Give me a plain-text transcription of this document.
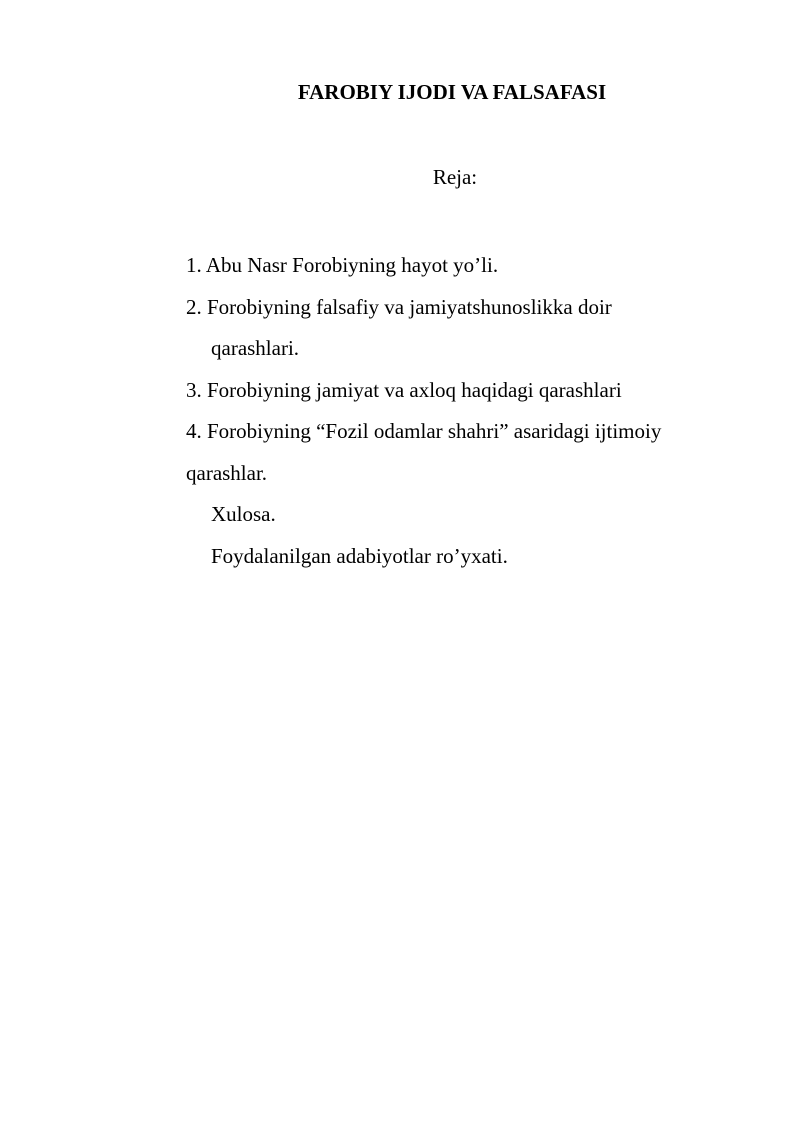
FAROBIY IJODI VA FALSAFASI
Reja:
1. Abu Nasr Forobiyning hayot yo’li.
2. Forobiyning falsafiy va jamiyatshunoslikka doir
qarashlari.
3. Forobiyning jamiyat va axloq haqidagi qarashlari
4. Forobiyning “Fozil odamlar shahri” asaridagi ijtimoiy
qarashlar.
Xulosa.
Foydalanilgan adabiyotlar ro’yxati.
